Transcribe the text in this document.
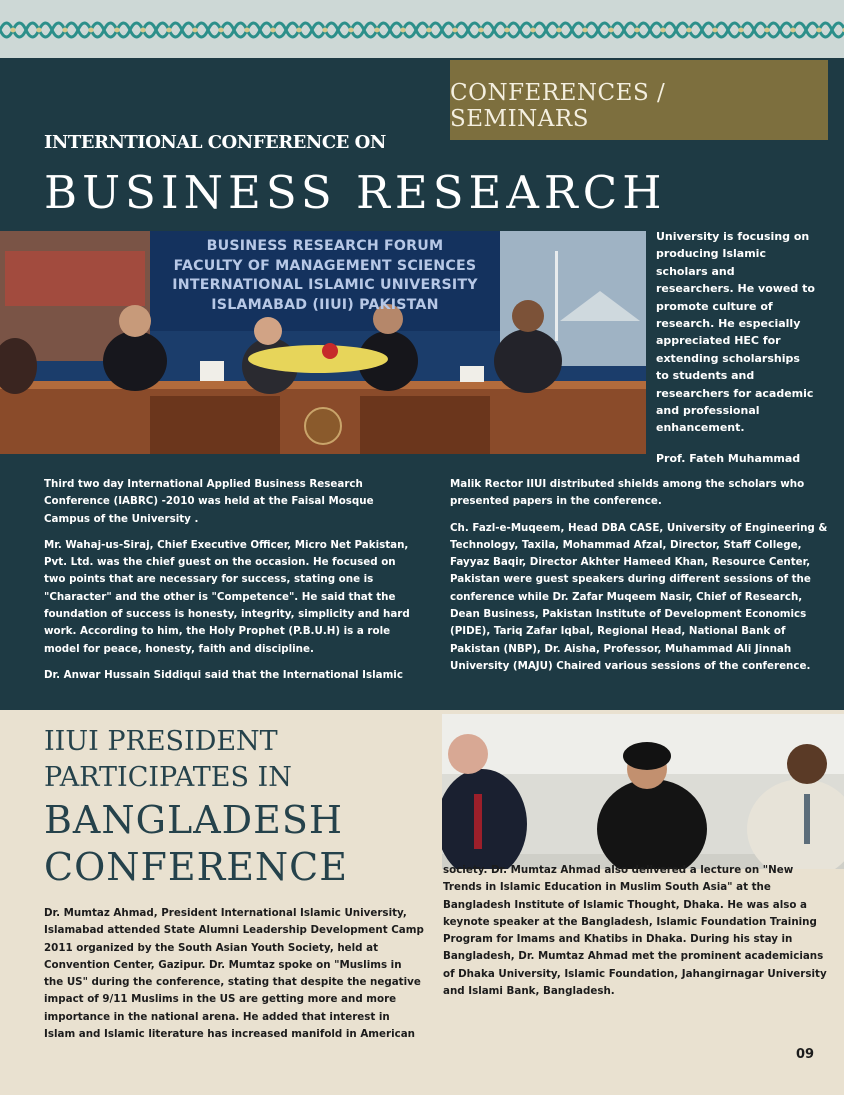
CONFERENCES / SEMINARS
INTERNTIONAL CONFERENCE ON
BUSINESS RESEARCH
BUSINESS RESEARCH FORUM
FACULTY OF MANAGEMENT SCIENCES
INTERNATIONAL ISLAMIC UNIVERSITY
ISLAMABAD (IIUI) PAKISTAN
University is focusing on producing Islamic scholars and researchers. He vowed to promote culture of research. He especially appreciated HEC for extending scholarships to students and researchers for academic and professional enhancement.
Prof. Fateh Muhammad

Third two day International Applied Business Research Conference (IABRC) -2010 was held at the Faisal Mosque Campus of the University .

Mr. Wahaj-us-Siraj, Chief Executive Officer, Micro Net Pakistan, Pvt. Ltd. was the chief guest on the occasion. He focused on two points that are necessary for success, stating one is "Character" and the other is "Competence". He said that the foundation of success is honesty, integrity, simplicity and hard work. According to him, the Holy Prophet (P.B.U.H) is a role model for peace, honesty, faith and discipline.

Dr. Anwar Hussain Siddiqui said that the International Islamic

Malik Rector IIUI distributed shields among the scholars who presented papers in the conference.

Ch. Fazl-e-Muqeem, Head DBA CASE, University of Engineering & Technology, Taxila, Mohammad Afzal, Director, Staff College, Fayyaz Baqir, Director Akhter Hameed Khan, Resource Center, Pakistan were guest speakers during different sessions of the conference while Dr. Zafar Muqeem Nasir, Chief of Research, Dean Business, Pakistan Institute of Development Economics (PIDE), Tariq Zafar Iqbal, Regional Head, National Bank of Pakistan (NBP), Dr. Aisha, Professor, Muhammad Ali Jinnah University (MAJU) Chaired various sessions of the conference.

IIUI PRESIDENT
PARTICIPATES IN
BANGLADESH
CONFERENCE
Dr. Mumtaz Ahmad, President International Islamic University, Islamabad attended State Alumni Leadership Development Camp 2011 organized by the South Asian Youth Society, held at Convention Center, Gazipur. Dr. Mumtaz spoke on "Muslims in the US" during the conference, stating that despite the negative impact of 9/11 Muslims in the US are getting more and more importance in the national arena. He added that interest in Islam and Islamic literature has increased manifold in American
society. Dr. Mumtaz Ahmad also delivered a lecture on "New Trends in Islamic Education in Muslim South Asia" at the Bangladesh Institute of Islamic Thought, Dhaka. He was also a keynote speaker at the Bangladesh, Islamic Foundation Training Program for Imams and Khatibs in Dhaka. During his stay in Bangladesh, Dr. Mumtaz Ahmad met the prominent academicians of Dhaka University, Islamic Foundation, Jahangirnagar University and Islami Bank, Bangladesh.
09
